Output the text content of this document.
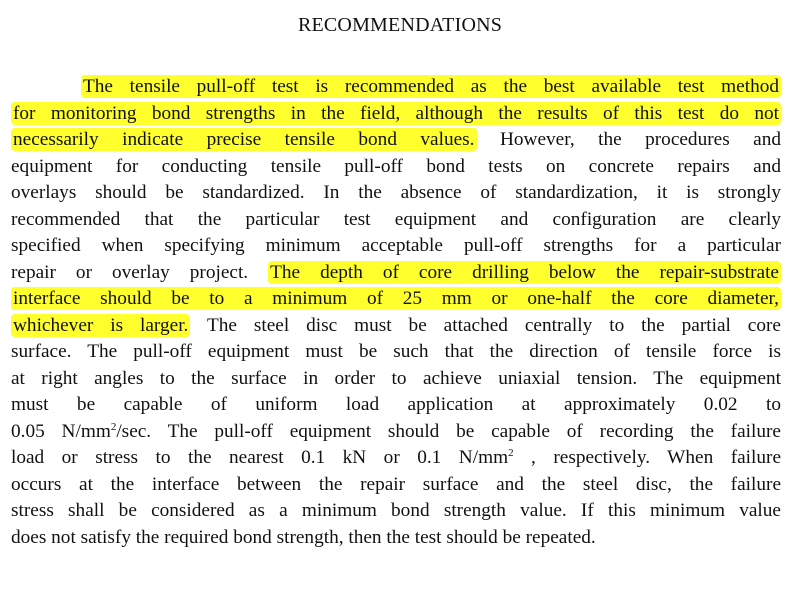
RECOMMENDATIONS
The tensile pull-off test is recommended as the best available test method
for monitoring bond strengths in the field, although the results of this test do not
necessarily indicate precise tensile bond values. However, the procedures and
equipment for conducting tensile pull-off bond tests on concrete repairs and
overlays should be standardized. In the absence of standardization, it is strongly
recommended that the particular test equipment and configuration are clearly
specified when specifying minimum acceptable pull-off strengths for a particular
repair or overlay project. The depth of core drilling below the repair-substrate
interface should be to a minimum of 25 mm or one-half the core diameter,
whichever is larger. The steel disc must be attached centrally to the partial core
surface. The pull-off equipment must be such that the direction of tensile force is
at right angles to the surface in order to achieve uniaxial tension. The equipment
must be capable of uniform load application at approximately 0.02 to
0.05 $N/mm^2/\sec$. The pull-off equipment should be capable of recording the failure
load or stress to the nearest 0.1 kN or 0.1 $N/mm^2$ , respectively. When failure
occurs at the interface between the repair surface and the steel disc, the failure
stress shall be considered as a minimum bond strength value. If this minimum value
does not satisfy the required bond strength, then the test should be repeated.
